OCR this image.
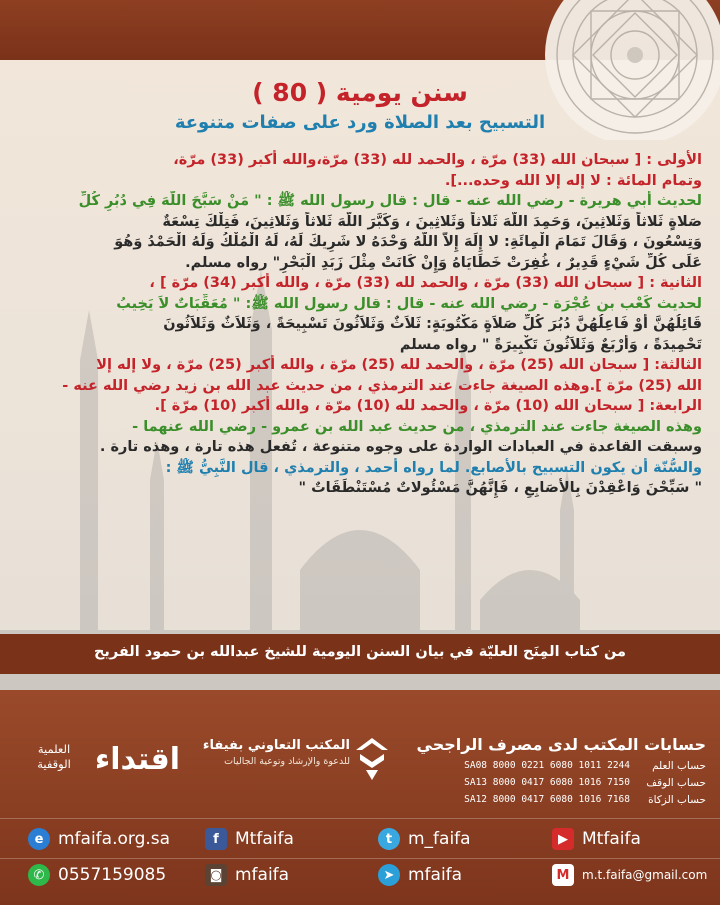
سنن يومية ( 80 )
التسبيح بعد الصلاة ورد على صفات متنوعة
الأولى : [ سبحان الله (33) مرّة ، والحمد لله (33) مرّة،والله أكبر (33) مرّة،
وتمام المائة : لا إله إلا الله وحده...].
لحديث أبي هريرة - رضي الله عنه - قال : قال رسول الله ﷺ : " مَنْ سَبَّحَ اللَّهَ فِي دُبُرِ كُلِّ
صَلاةٍ ثَلاثاً وَثَلاثِينَ، وَحَمِدَ اللَّهَ ثَلاثاً وَثَلاثِينَ ، وَكَبَّرَ اللَّهَ ثَلاثاً وَثَلاثِينَ، فَتِلْكَ تِسْعَةٌ
وَتِسْعُونَ ، وَقَالَ تَمَامَ الْمِائَةِ: لا إِلَهَ إِلاَّ اللَّهُ وَحْدَهُ لا شَرِيكَ لَهُ، لَهُ الْمُلْكُ وَلَهُ الْحَمْدُ وَهُوَ
عَلَى كُلِّ شَيْءٍ قَدِيرٌ ، غُفِرَتْ خَطَايَاهُ وَإِنْ كَانَتْ مِثْلَ زَبَدِ الْبَحْرِ" رواه مسلم.
الثانية : [ سبحان الله (33) مرّة ، والحمد لله (33) مرّة ، والله أكبر (34) مرّة ] ،
لحديث كَعْب بن عُجْرَة - رضي الله عنه - قال : قال رسول الله ﷺ: " مُعَقِّبَاتٌ لاَ يَخِيبُ
قَائِلُهُنَّ أَوْ فَاعِلُهُنَّ دُبُرَ كُلِّ صَلاَةٍ مَكْتُوبَةٍ: ثَلاَثٌ وَثَلاَثُونَ تَسْبِيحَةً ، وَثَلاَثٌ وَثَلاَثُونَ
تَحْمِيدَةً ، وَأَرْبَعٌ وَثَلاَثُونَ تَكْبِيرَةً " رواه مسلم
الثالثة: [ سبحان الله (25) مرّة ، والحمد لله (25) مرّة ، والله أكبر (25) مرّة ، ولا إله إلا
الله (25) مرّة ].وهذه الصيغة جاءت عند الترمذي ، من حديث عبد الله بن زيد رضي الله عنه -
الرابعة: [ سبحان الله (10) مرّة ، والحمد لله (10) مرّة ، والله أكبر (10) مرّة ].
وهذه الصيغة جاءت عند الترمذي ، من حديث عبد الله بن عمرو - رضي الله عنهما -
وسبقت القاعدة في العبادات الواردة على وجوه متنوعة ، تُفعل هذه تارة ، وهذه تارة .
والسُّنّة أن يكون التسبيح بالأصابع. لما رواه أحمد ، والترمذي ، قال النَّبِيُّ ﷺ :
" سَبِّحْنَ وَاعْقِدْنَ بِالأَصَابِعِ ، فَإِنَّهُنَّ مَسْئُولاتٌ مُسْتَنْطَقَاتٌ "
من كتاب المِنَح العليّة في بيان السنن اليومية للشيخ عبدالله بن حمود الفريح
العلمية
الوقفية اقتداء	المكتب التعاوني بفيفاء
للدعوة والإرشاد وتوعية الجاليات
حسابات المكتب لدى مصرف الراجحي
حساب العلم
SA08 8000 0221 6080 1011 2244
حساب الوقف
SA13 8000 0417 6080 1016 7150
حساب الزكاة
SA12 8000 0417 6080 1016 7168
e mfaifa.org.sa	f Mtfaifa	t m_faifa	▶ Mtfaifa
✆ 0557159085	◙ mfaifa	➤ mfaifa	M	m.t.faifa@gmail.com
